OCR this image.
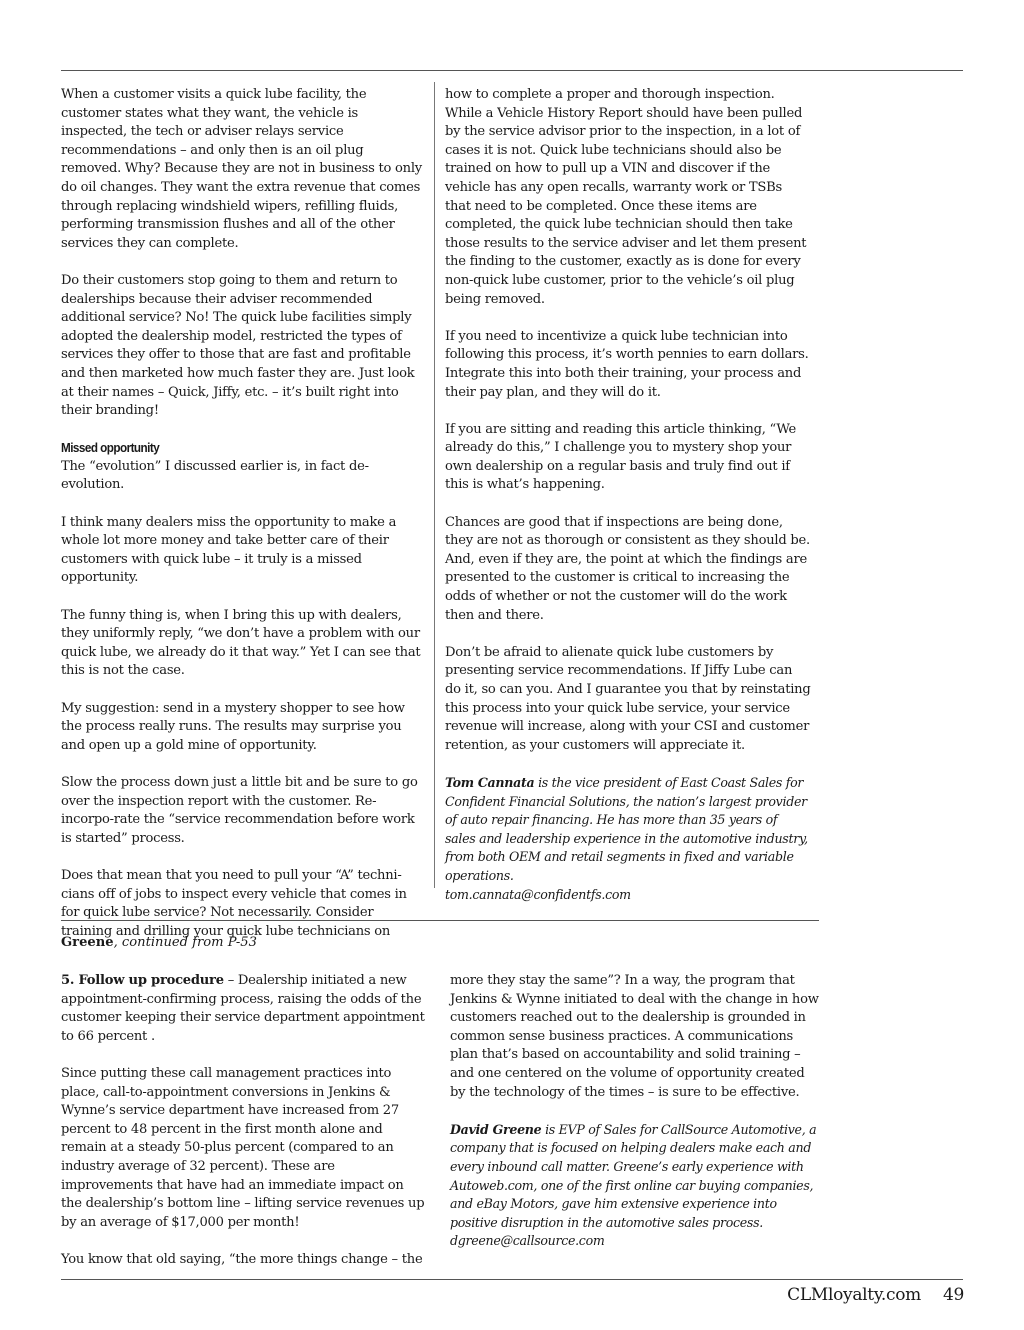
When a customer visits a quick lube facility, the customer states what they want, the vehicle is inspected, the tech or adviser relays service recommendations – and only then is an oil plug removed. Why? Because they are not in business to only do oil changes. They want the extra revenue that comes through replacing windshield wipers, refilling fluids, performing transmission flushes and all of the other services they can complete.

Do their customers stop going to them and return to dealerships because their adviser recommended additional service? No! The quick lube facilities simply adopted the dealership model, restricted the types of services they offer to those that are fast and profitable and then marketed how much faster they are. Just look at their names – Quick, Jiffy, etc. – it’s built right into their branding!

Missed opportunity

The “evolution” I discussed earlier is, in fact de-evolution.

I think many dealers miss the opportunity to make a whole lot more money and take better care of their customers with quick lube – it truly is a missed opportunity.

The funny thing is, when I bring this up with dealers, they uniformly reply, “we don’t have a problem with our quick lube, we already do it that way.” Yet I can see that this is not the case.

My suggestion: send in a mystery shopper to see how the process really runs. The results may surprise you and open up a gold mine of opportunity.

Slow the process down just a little bit and be sure to go over the inspection report with the customer. Re-incorpo-rate the “service recommendation before work is started” process.

Does that mean that you need to pull your “A” techni-cians off of jobs to inspect every vehicle that comes in for quick lube service? Not necessarily. Consider training and drilling your quick lube technicians on

how to complete a proper and thorough inspection. While a Vehicle History Report should have been pulled by the service advisor prior to the inspection, in a lot of cases it is not. Quick lube technicians should also be trained on how to pull up a VIN and discover if the vehicle has any open recalls, warranty work or TSBs that need to be completed. Once these items are completed, the quick lube technician should then take those results to the service adviser and let them present the finding to the customer, exactly as is done for every non-quick lube customer, prior to the vehicle’s oil plug being removed.

If you need to incentivize a quick lube technician into following this process, it’s worth pennies to earn dollars. Integrate this into both their training, your process and their pay plan, and they will do it.

If you are sitting and reading this article thinking, “We already do this,” I challenge you to mystery shop your own dealership on a regular basis and truly find out if this is what’s happening.

Chances are good that if inspections are being done, they are not as thorough or consistent as they should be. And, even if they are, the point at which the findings are presented to the customer is critical to increasing the odds of whether or not the customer will do the work then and there.

Don’t be afraid to alienate quick lube customers by presenting service recommendations. If Jiffy Lube can do it, so can you. And I guarantee you that by reinstating this process into your quick lube service, your service revenue will increase, along with your CSI and customer retention, as your customers will appreciate it.

Tom Cannata is the vice president of East Coast Sales for Confident Financial Solutions, the nation’s largest provider of auto repair financing. He has more than 35 years of sales and leadership experience in the automotive industry, from both OEM and retail segments in fixed and variable operations.
tom.cannata@confidentfs.com

Greene, continued from P-53

5. Follow up procedure – Dealership initiated a new appointment-confirming process, raising the odds of the customer keeping their service department appointment to 66 percent .

Since putting these call management practices into place, call-to-appointment conversions in Jenkins & Wynne’s service department have increased from 27 percent to 48 percent in the first month alone and remain at a steady 50-plus percent (compared to an industry average of 32 percent). These are improvements that have had an immediate impact on the dealership’s bottom line – lifting service revenues up by an average of $17,000 per month!

You know that old saying, “the more things change – the

more they stay the same”? In a way, the program that Jenkins & Wynne initiated to deal with the change in how customers reached out to the dealership is grounded in common sense business practices. A communications plan that’s based on accountability and solid training – and one centered on the volume of opportunity created by the technology of the times – is sure to be effective.

David Greene is EVP of Sales for CallSource Automotive, a company that is focused on helping dealers make each and every inbound call matter. Greene’s early experience with Autoweb.com, one of the first online car buying companies, and eBay Motors, gave him extensive experience into positive disruption in the automotive sales process.
dgreene@callsource.com

CLMloyalty.com 49
